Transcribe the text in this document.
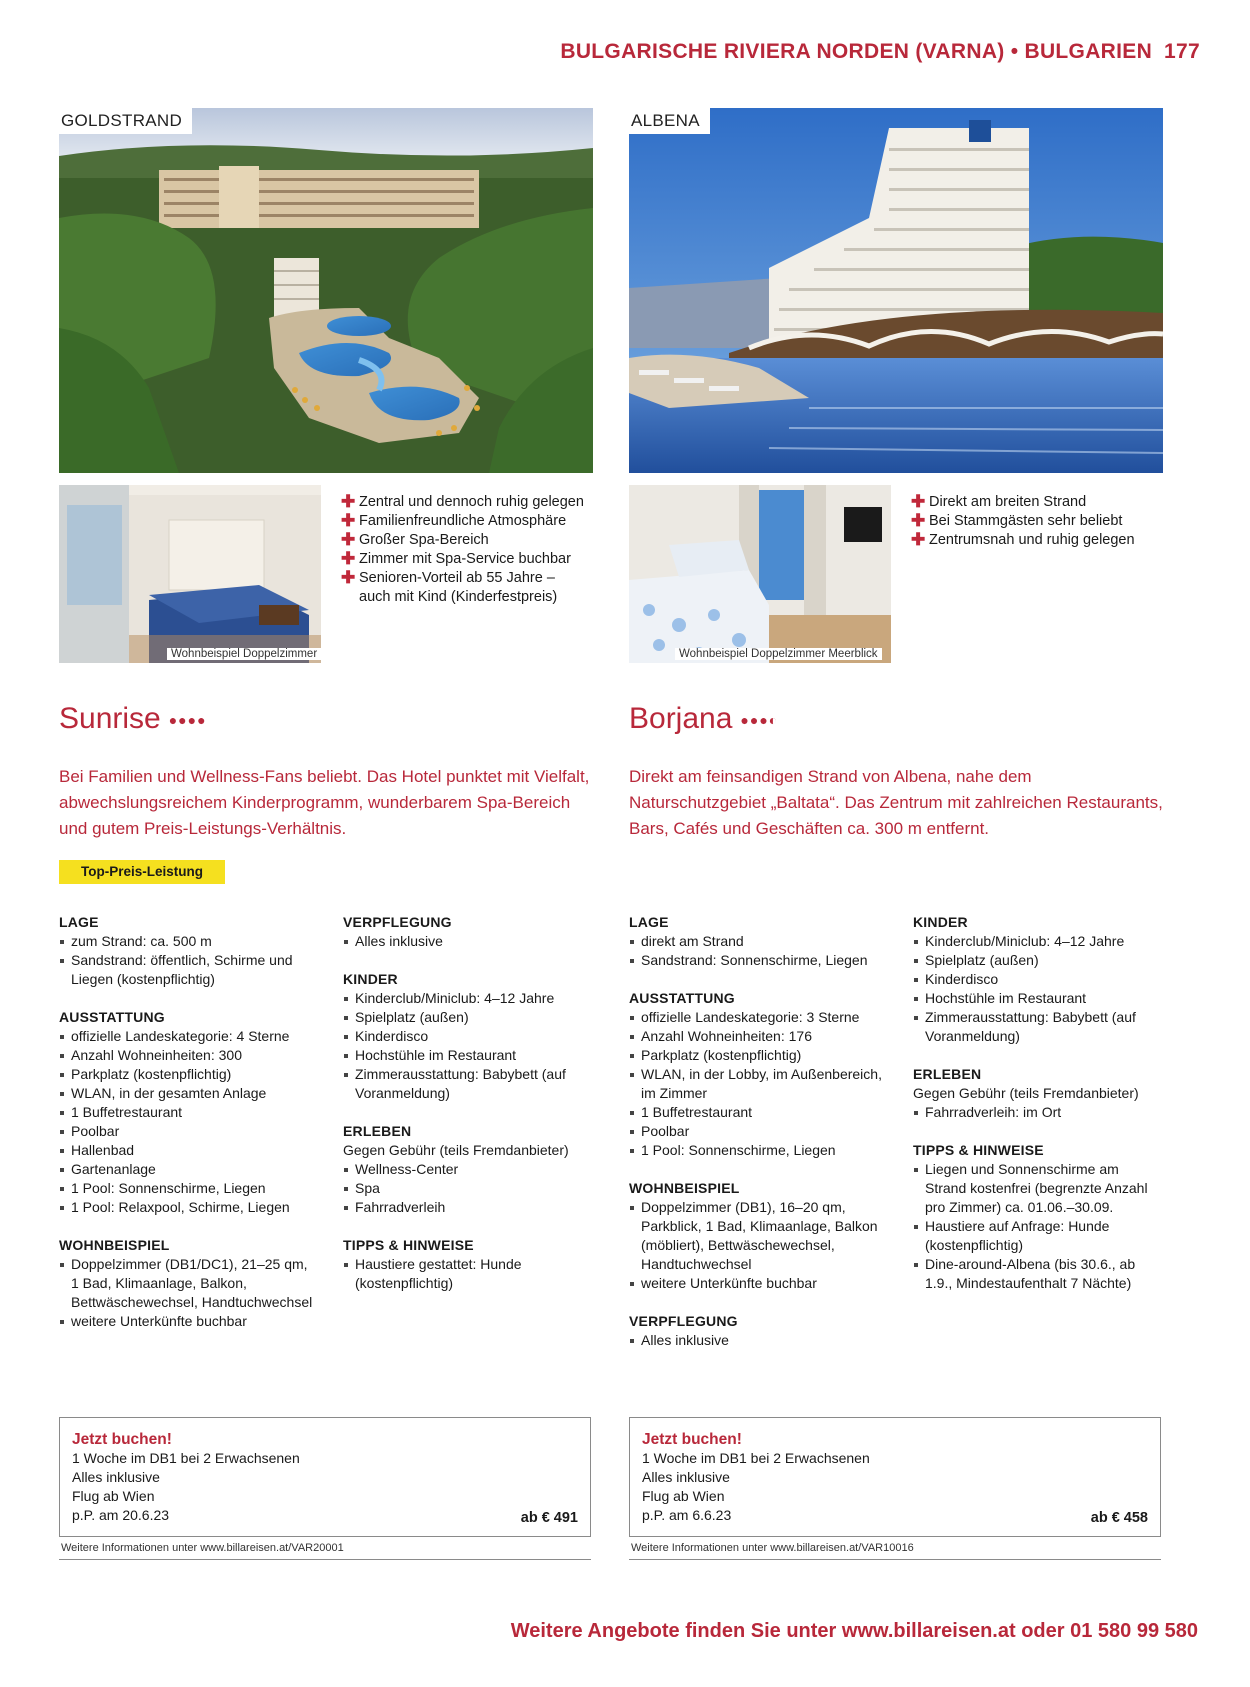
BULGARISCHE RIVIERA NORDEN (VARNA) • BULGARIEN 177
GOLDSTRAND
Wohnbeispiel Doppelzimmer
✚ Zentral und dennoch ruhig gelegen
✚ Familienfreundliche Atmosphäre
✚ Großer Spa-Bereich
✚ Zimmer mit Spa-Service buchbar
✚ Senioren-Vorteil ab 55 Jahre –
auch mit Kind (Kinderfestpreis)
Sunrise ●●●●
Bei Familien und Wellness-Fans beliebt. Das Hotel punktet mit Vielfalt, abwechslungsreichem Kinderprogramm, wunderbarem Spa-Bereich und gutem Preis-Leistungs-Verhältnis.
Top-Preis-Leistung
LAGE
zum Strand: ca. 500 m
Sandstrand: öffentlich, Schirme und Liegen (kostenpflichtig)
AUSSTATTUNG
offizielle Landeskategorie: 4 Sterne
Anzahl Wohneinheiten: 300
Parkplatz (kostenpflichtig)
WLAN, in der gesamten Anlage
1 Buffetrestaurant
Poolbar
Hallenbad
Gartenanlage
1 Pool: Sonnenschirme, Liegen
1 Pool: Relaxpool, Schirme, Liegen
WOHNBEISPIEL
Doppelzimmer (DB1/DC1), 21–25 qm, 1 Bad, Klimaanlage, Balkon, Bettwäschewechsel, Handtuchwechsel
weitere Unterkünfte buchbar
VERPFLEGUNG
Alles inklusive
KINDER
Kinderclub/Miniclub: 4–12 Jahre
Spielplatz (außen)
Kinderdisco
Hochstühle im Restaurant
Zimmerausstattung: Babybett (auf Voranmeldung)
ERLEBEN

Gegen Gebühr (teils Fremdanbieter)

Wellness-Center
Spa
Fahrradverleih
TIPPS & HINWEISE
Haustiere gestattet: Hunde (kostenpflichtig)
Jetzt buchen!
1 Woche im DB1 bei 2 Erwachsenen
Alles inklusive
Flug ab Wien
p.P. am 20.6.23	ab € 491
Weitere Informationen unter www.billareisen.at/VAR20001
ALBENA
Wohnbeispiel Doppelzimmer Meerblick
✚ Direkt am breiten Strand
✚ Bei Stammgästen sehr beliebt
✚ Zentrumsnah und ruhig gelegen
Borjana ●●●◐
Direkt am feinsandigen Strand von Albena, nahe dem Naturschutzgebiet „Baltata“. Das Zentrum mit zahlreichen Restaurants, Bars, Cafés und Geschäften ca. 300 m entfernt.
LAGE
direkt am Strand
Sandstrand: Sonnenschirme, Liegen
AUSSTATTUNG
offizielle Landeskategorie: 3 Sterne
Anzahl Wohneinheiten: 176
Parkplatz (kostenpflichtig)
WLAN, in der Lobby, im Außenbereich, im Zimmer
1 Buffetrestaurant
Poolbar
1 Pool: Sonnenschirme, Liegen
WOHNBEISPIEL
Doppelzimmer (DB1), 16–20 qm, Parkblick, 1 Bad, Klimaanlage, Balkon (möbliert), Bettwäschewechsel, Handtuchwechsel
weitere Unterkünfte buchbar
VERPFLEGUNG
Alles inklusive
KINDER
Kinderclub/Miniclub: 4–12 Jahre
Spielplatz (außen)
Kinderdisco
Hochstühle im Restaurant
Zimmerausstattung: Babybett (auf Voranmeldung)
ERLEBEN

Gegen Gebühr (teils Fremdanbieter)

Fahrradverleih: im Ort
TIPPS & HINWEISE
Liegen und Sonnenschirme am Strand kostenfrei (begrenzte Anzahl pro Zimmer) ca. 01.06.–30.09.
Haustiere auf Anfrage: Hunde (kostenpflichtig)
Dine-around-Albena (bis 30.6., ab 1.9., Mindestaufenthalt 7 Nächte)
Jetzt buchen!
1 Woche im DB1 bei 2 Erwachsenen
Alles inklusive
Flug ab Wien
p.P. am 6.6.23	ab € 458
Weitere Informationen unter www.billareisen.at/VAR10016
Weitere Angebote finden Sie unter www.billareisen.at oder 01 580 99 580
